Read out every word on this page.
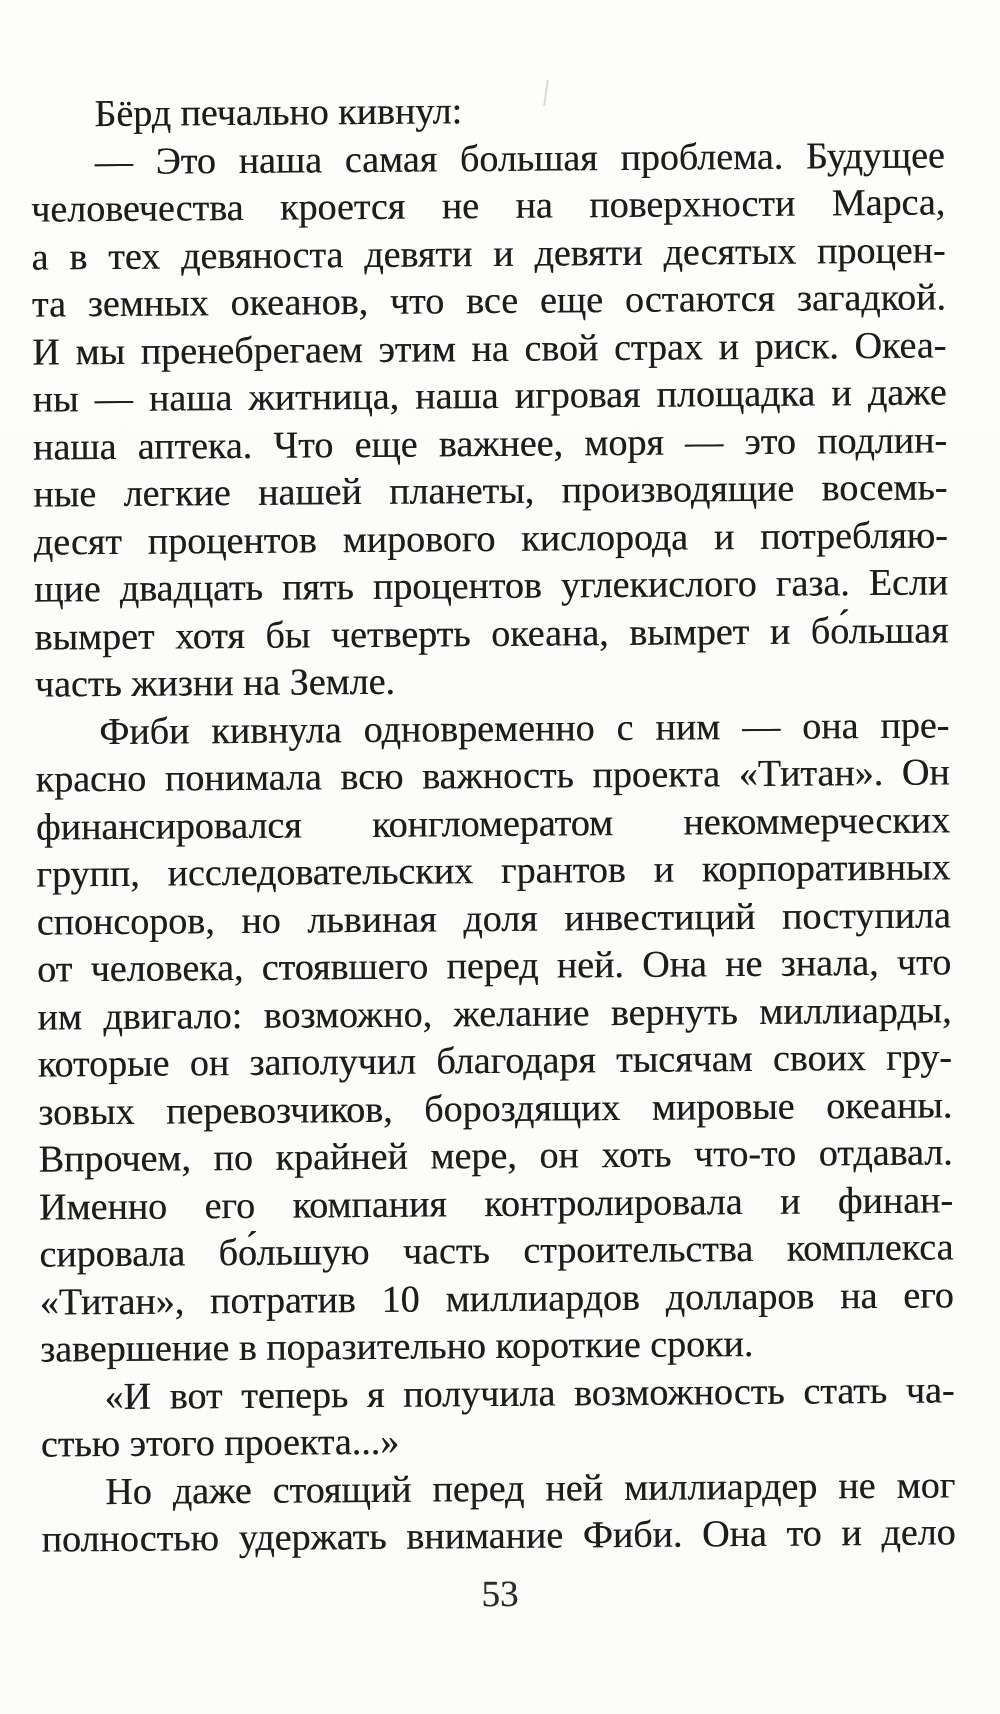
Бёрд печально кивнул:
— Это наша самая большая проблема. Будущее
человечества кроется не на поверхности Марса,
а в тех девяноста девяти и девяти десятых процен-
та земных океанов, что все еще остаются загадкой.
И мы пренебрегаем этим на свой страх и риск. Океа-
ны — наша житница, наша игровая площадка и даже
наша аптека. Что еще важнее, моря — это подлин-
ные легкие нашей планеты, производящие восемь-
десят процентов мирового кислорода и потребляю-
щие двадцать пять процентов углекислого газа. Если
вымрет хотя бы четверть океана, вымрет и бо́льшая
часть жизни на Земле.
Фиби кивнула одновременно с ним — она пре-
красно понимала всю важность проекта «Титан». Он
финансировался конгломератом некоммерческих
групп, исследовательских грантов и корпоративных
спонсоров, но львиная доля инвестиций поступила
от человека, стоявшего перед ней. Она не знала, что
им двигало: возможно, желание вернуть миллиарды,
которые он заполучил благодаря тысячам своих гру-
зовых перевозчиков, бороздящих мировые океаны.
Впрочем, по крайней мере, он хоть что-то отдавал.
Именно его компания контролировала и финан-
сировала бо́льшую часть строительства комплекса
«Титан», потратив 10 миллиардов долларов на его
завершение в поразительно короткие сроки.
«И вот теперь я получила возможность стать ча-
стью этого проекта...»
Но даже стоящий перед ней миллиардер не мог
полностью удержать внимание Фиби. Она то и дело
53
